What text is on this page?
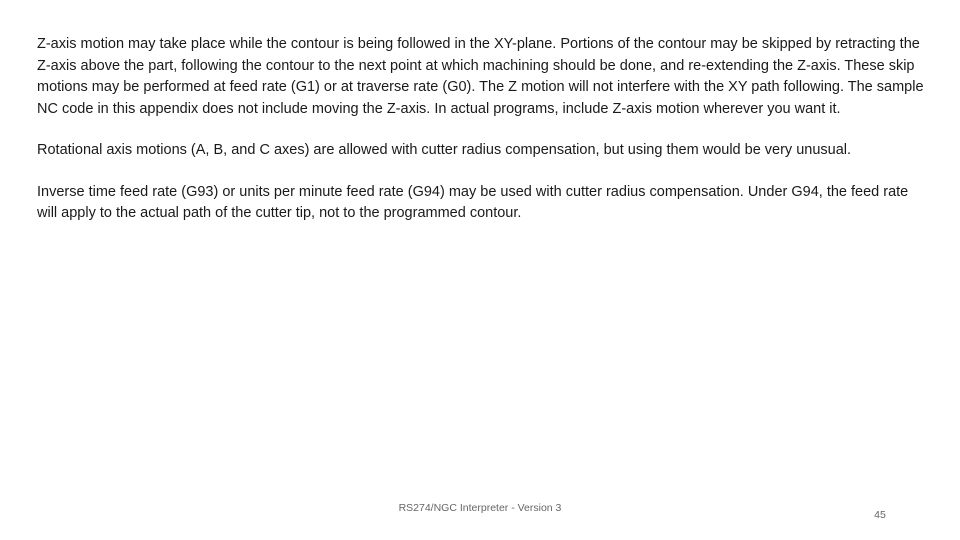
Z-axis motion may take place while the contour is being followed in the XY-plane. Portions of the contour may be skipped by retracting the Z-axis above the part, following the contour to the next point at which machining should be done, and re-extending the Z-axis. These skip motions may be performed at feed rate (G1) or at traverse rate (G0). The Z motion will not interfere with the XY path following. The sample NC code in this appendix does not include moving the Z-axis. In actual programs, include Z-axis motion wherever you want it.

Rotational axis motions (A, B, and C axes) are allowed with cutter radius compensation, but using them would be very unusual.

Inverse time feed rate (G93) or units per minute feed rate (G94) may be used with cutter radius compensation. Under G94, the feed rate will apply to the actual path of the cutter tip, not to the programmed contour.

RS274/NGC Interpreter - Version 3
45
